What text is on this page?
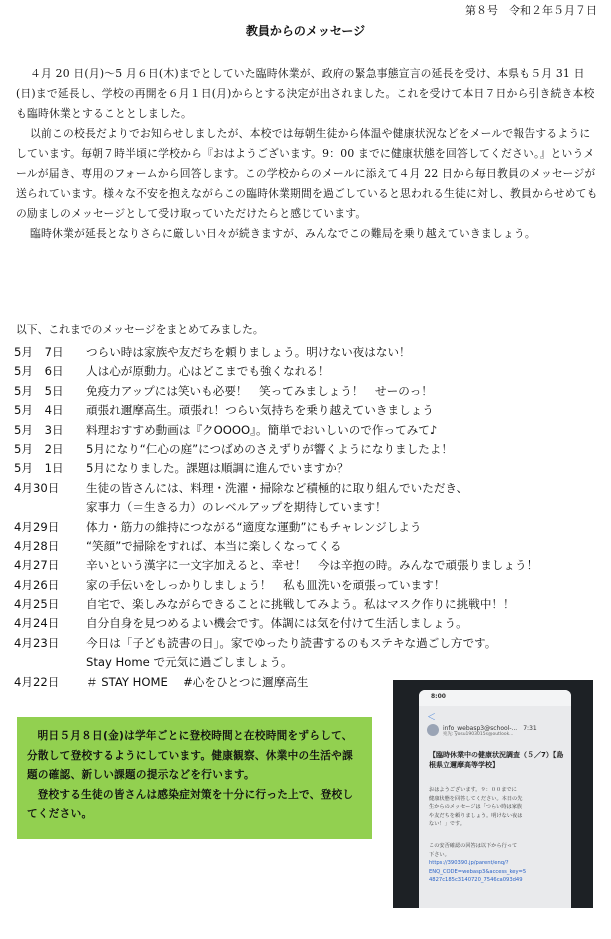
第８号　令和２年５月７日
教員からのメッセージ

４月 20 日(月)～5 月６日(木)までとしていた臨時休業が、政府の緊急事態宣言の延長を受け、本県も５月 31 日(日)まで延長し、学校の再開を６月１日(月)からとする決定が出されました。これを受けて本日７日から引き続き本校も臨時休業とすることとしました。

以前この校長だよりでお知らせしましたが、本校では毎朝生徒から体温や健康状況などをメールで報告するようにしています。毎朝７時半頃に学校から『おはようございます。9：00 までに健康状態を回答してください。』というメールが届き、専用のフォームから回答します。この学校からのメールに添えて４月 22 日から毎日教員のメッセージが送られています。様々な不安を抱えながらこの臨時休業期間を過ごしていると思われる生徒に対し、教員からせめてもの励ましのメッセージとして受け取っていただけたらと感じています。

臨時休業が延長となりさらに厳しい日々が続きますが、みんなでこの難局を乗り越えていきましょう。

以下、これまでのメッセージをまとめてみました。
5月　7日	つらい時は家族や友だちを頼りましょう。明けない夜はない！
5月　6日	人は心が原動力。心はどこまでも強くなれる！
5月　5日	免疫力アップには笑いも必要！　笑ってみましょう！　せーのっ！
5月　4日	頑張れ邇摩高生。頑張れ！つらい気持ちを乗り越えていきましょう
5月　3日	料理おすすめ動画は『クOOOO』。簡単でおいしいので作ってみて♪
5月　2日	5月になり“仁心の庭”につばめのさえずりが響くようになりましたよ！
5月　1日	5月になりました。課題は順調に進んでいますか？
4月30日	生徒の皆さんには、料理・洗濯・掃除など積極的に取り組んでいただき、
家事力（＝生きる力）のレベルアップを期待しています！
4月29日	体力・筋力の維持につながる“適度な運動”にもチャレンジしよう
4月28日	“笑顔”で掃除をすれば、本当に楽しくなってくる
4月27日	辛いという漢字に一文字加えると、幸せ！　今は辛抱の時。みんなで頑張りましょう！
4月26日	家の手伝いをしっかりしましょう！　私も皿洗いを頑張っています！
4月25日	自宅で、楽しみながらできることに挑戦してみよう。私はマスク作りに挑戦中！！
4月24日	自分自身を見つめるよい機会です。体調には気を付けて生活しましょう。
4月23日	今日は「子ども読書の日」。家でゆったり読書するのもステキな過ごし方です。
Stay Home で元気に過ごしましょう。
4月22日	＃ STAY HOME　 #心をひとつに邇摩高生

明日５月８日(金)は学年ごとに登校時間と在校時間をずらして、分散して登校するようにしています。健康観察、休業中の生活や課題の確認、新しい課題の提示などを行います。

登校する生徒の皆さんは感染症対策を十分に行った上で、登校してください。

8:00
＜
info_webasp3@school-...　 7:31
宛先: yosu1903015s@outlook...
【臨時休業中の健康状況調査（５／7）【島根県立邇摩高等学校】
おはようございます。９：００までに
健康状態を回答してください。本日の先
生からのメッセージは「つらい時は家族
や友だちを頼りましょう。明けない夜は
ない！」です。
この安否確認の回答は以下から行って
下さい。
https://390390.jp/parent/enq/?
ENQ_CODE=webasp3&access_key=5
4827c185c3140720_7546ca093d49
